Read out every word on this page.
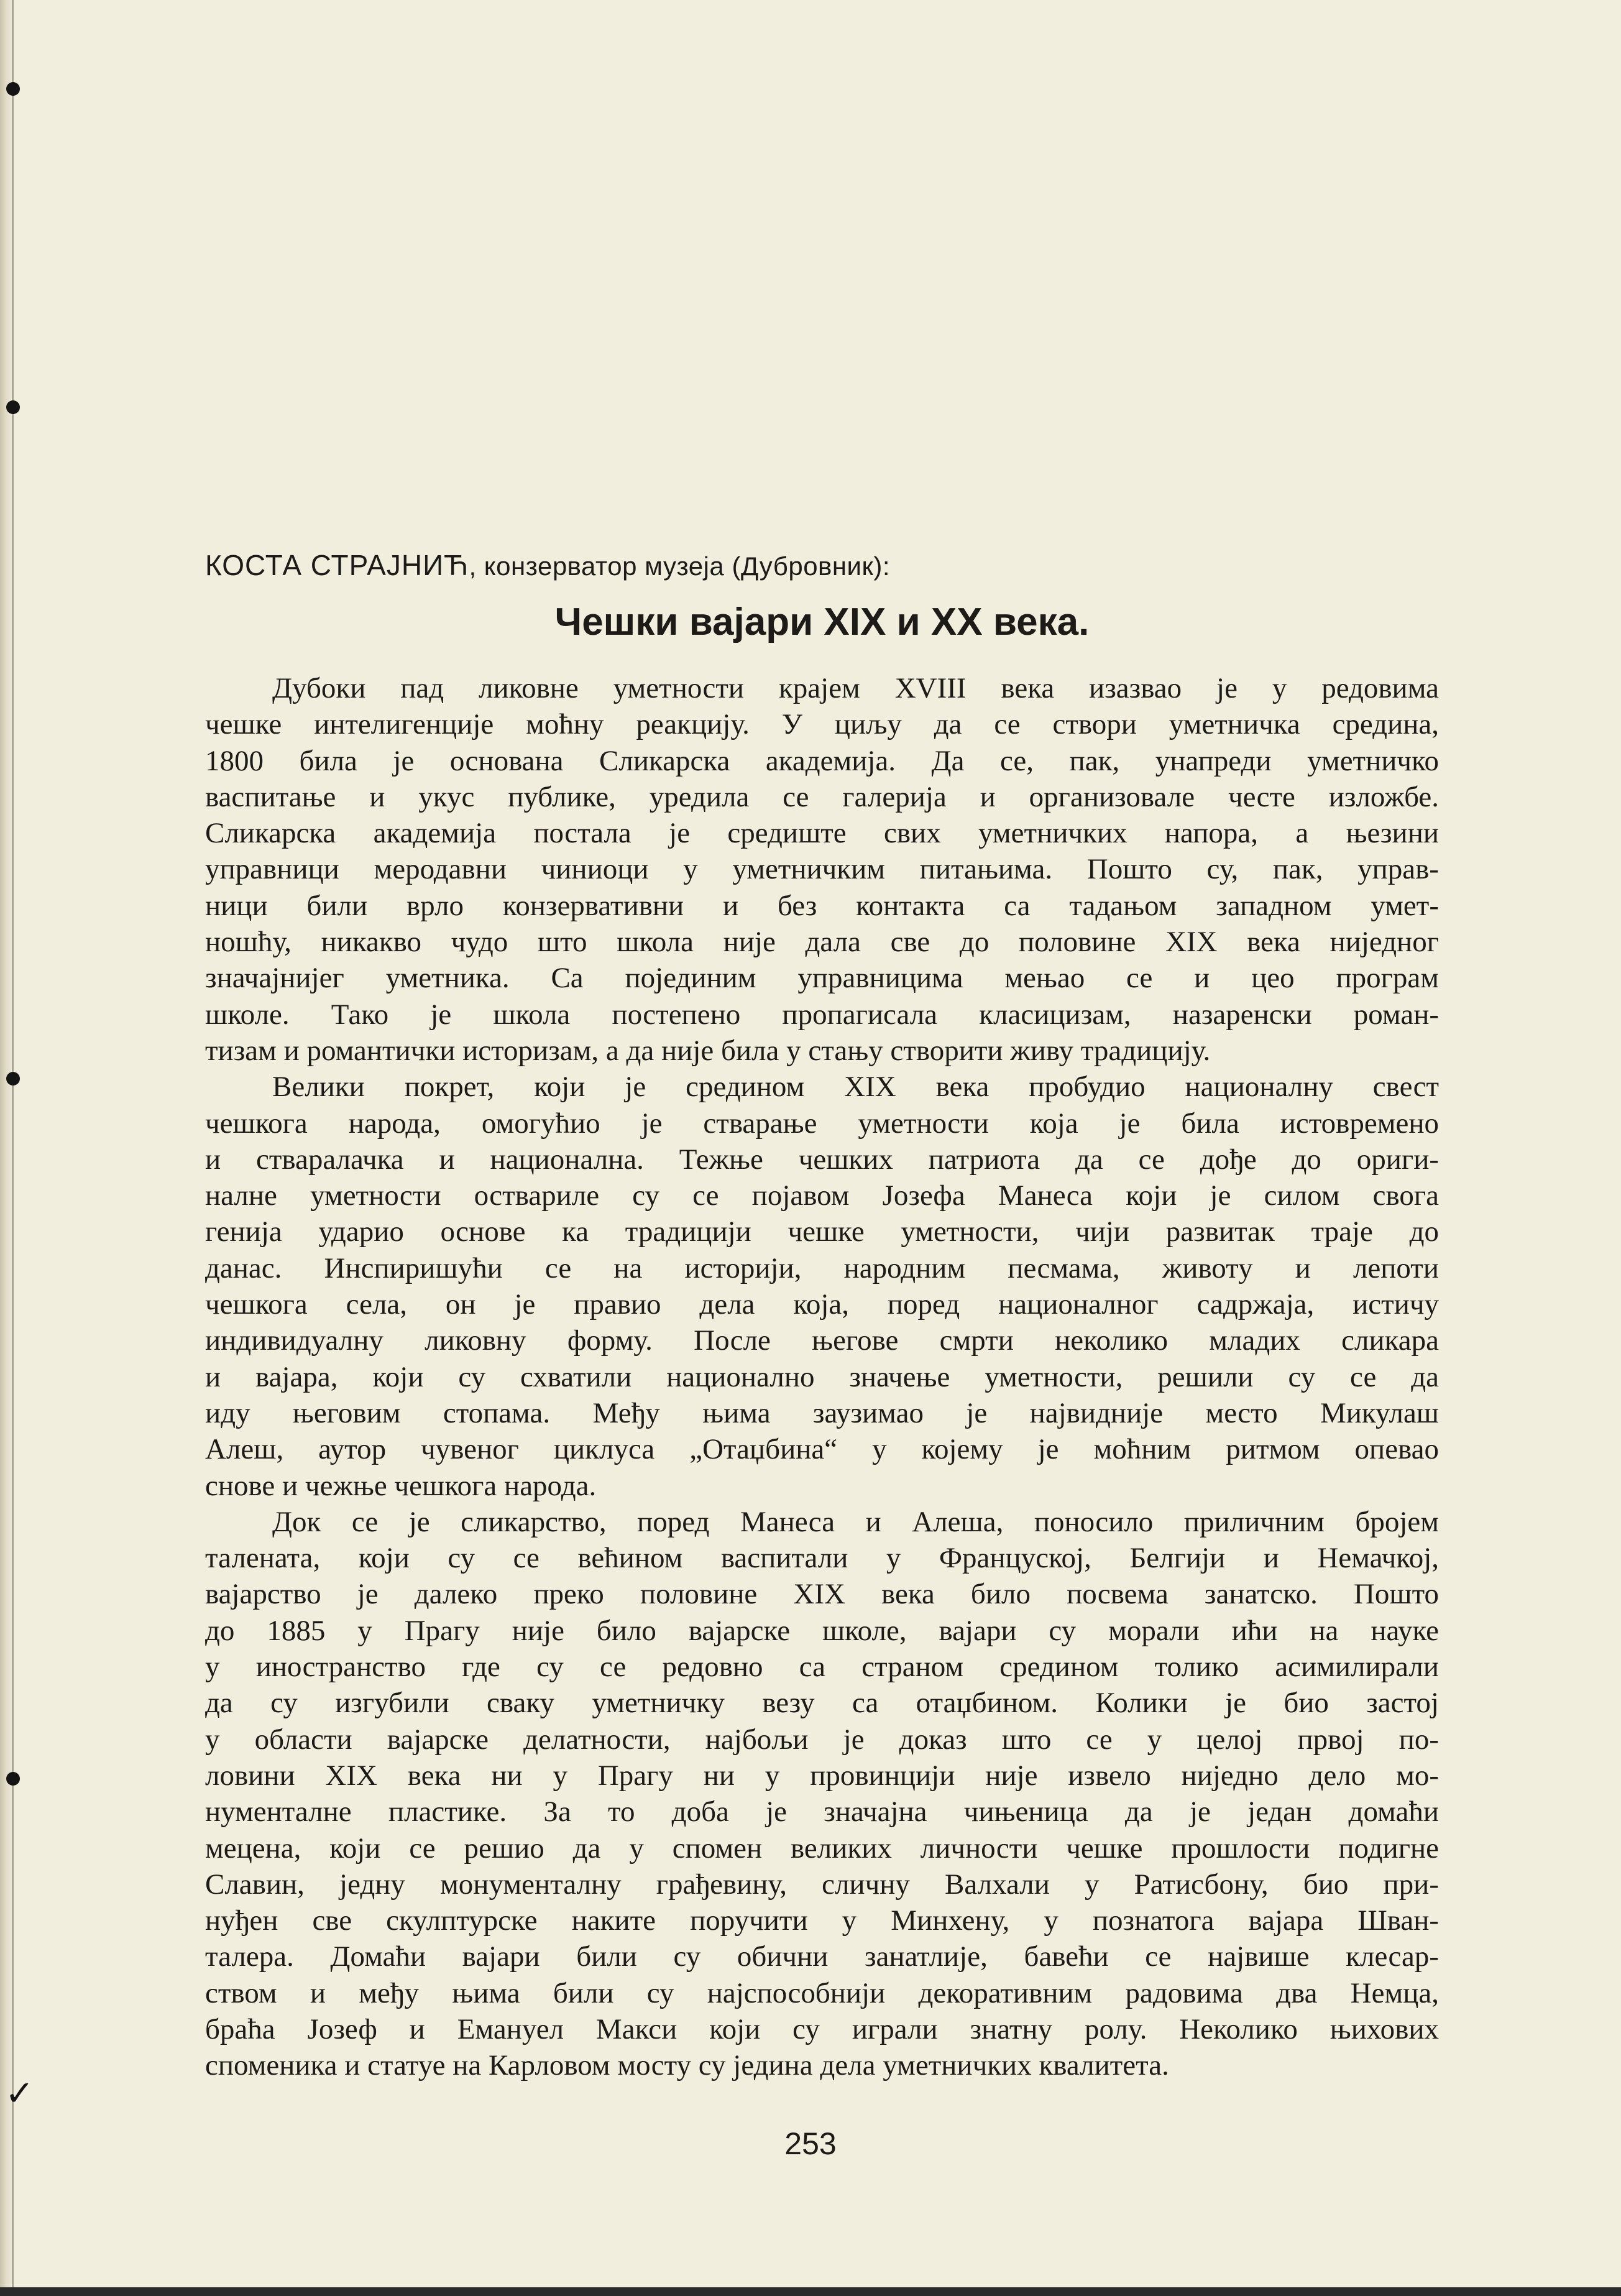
✓
КОСТА СТРАЈНИЋ, конзерватор музеја (Дубровник):
Чешки вајари XIX и XX века.
Дубоки пад ликовне уметности крајем XVIII века изазвао је у редовима
чешке интелигенције моћну реакцију. У циљу да се створи уметничка средина,
1800 била је основана Сликарска академија. Да се, пак, унапреди уметничко
васпитање и укус публике, уредила се галерија и организовале честе изложбе.
Сликарска академија постала је средиште свих уметничких напора, а њезини
управници меродавни чиниоци у уметничким питањима. Пошто су, пак, управ-
ници били врло конзервативни и без контакта са тадањом западном умет-
ношћу, никакво чудо што школа није дала све до половине XIX века ниједног
значајнијег уметника. Са појединим управницима мењао се и цео програм
школе. Тако је школа постепено пропагисала класицизам, назаренски роман-
тизам и романтички историзам, а да није била у стању створити живу традицију.
Велики покрет, који је средином XIX века пробудио националну свест
чешкога народа, омогућио је стварање уметности која је била истовремено
и стваралачка и национална. Тежње чешких патриота да се дође до ориги-
налне уметности оствариле су се појавом Јозефа Манеса који је силом свога
генија ударио основе ка традицији чешке уметности, чији развитак траје до
данас. Инспиришући се на историји, народним песмама, животу и лепоти
чешкога села, он је правио дела која, поред националног садржаја, истичу
индивидуалну ликовну форму. После његове смрти неколико младих сликара
и вајара, који су схватили национално значење уметности, решили су се да
иду његовим стопама. Међу њима заузимао је највидније место Микулаш
Алеш, аутор чувеног циклуса „Отаџбина“ у којему је моћним ритмом опевао
снове и чежње чешкога народа.
Док се је сликарство, поред Манеса и Алеша, поносило приличним бројем
талената, који су се већином васпитали у Француској, Белгији и Немачкој,
вајарство је далеко преко половине XIX века било посвема занатско. Пошто
до 1885 у Прагу није било вајарске школе, вајари су морали ићи на науке
у иностранство где су се редовно са страном средином толико асимилирали
да су изгубили сваку уметничку везу са отаџбином. Колики је био застој
у области вајарске делатности, најбољи је доказ што се у целој првој по-
ловини XIX века ни у Прагу ни у провинцији није извело ниједно дело мо-
нументалне пластике. За то доба је значајна чињеница да је један домаћи
мецена, који се решио да у спомен великих личности чешке прошлости подигне
Славин, једну монументалну грађевину, сличну Валхали у Ратисбону, био при-
нуђен све скулптурске наките поручити у Минхену, у познатога вајара Шван-
талера. Домаћи вајари били су обични занатлије, бавећи се највише клесар-
ством и међу њима били су најспособнији декоративним радовима два Немца,
браћа Јозеф и Емануел Макси који су играли знатну ролу. Неколико њихових
споменика и статуе на Карловом мосту су једина дела уметничких квалитета.
253
